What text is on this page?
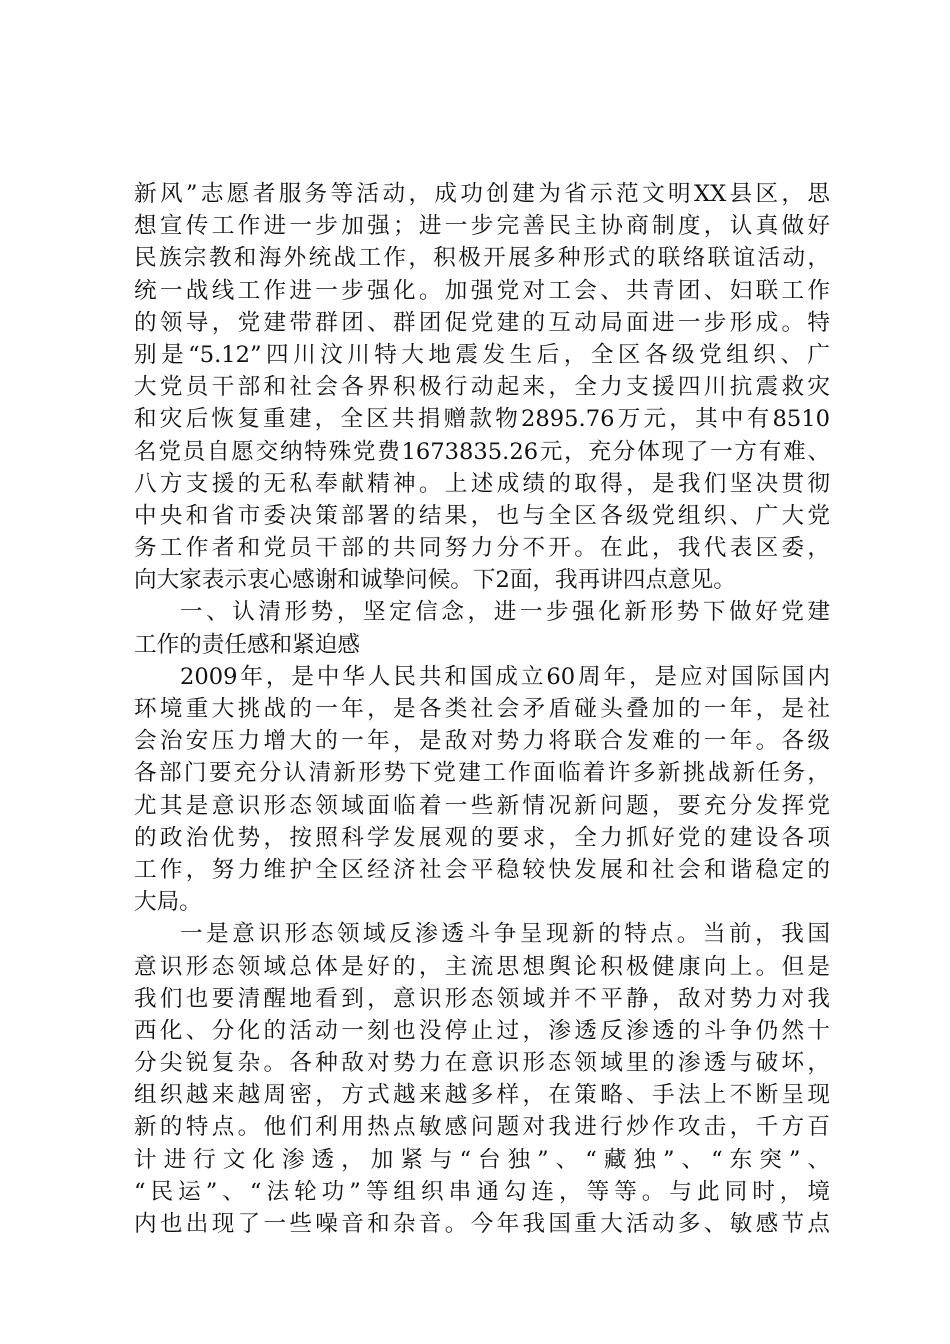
新风”志愿者服务等活动，成功创建为省示范文明XX县区，思
想宣传工作进一步加强；进一步完善民主协商制度，认真做好
民族宗教和海外统战工作，积极开展多种形式的联络联谊活动，
统一战线工作进一步强化。加强党对工会、共青团、妇联工作
的领导，党建带群团、群团促党建的互动局面进一步形成。特
别是“5.12”四川汶川特大地震发生后，全区各级党组织、广
大党员干部和社会各界积极行动起来，全力支援四川抗震救灾
和灾后恢复重建，全区共捐赠款物2895.76万元，其中有8510
名党员自愿交纳特殊党费1673835.26元，充分体现了一方有难、
八方支援的无私奉献精神。上述成绩的取得，是我们坚决贯彻
中央和省市委决策部署的结果，也与全区各级党组织、广大党
务工作者和党员干部的共同努力分不开。在此，我代表区委，
向大家表示衷心感谢和诚挚问候。下2面，我再讲四点意见。
一、认清形势，坚定信念，进一步强化新形势下做好党建
工作的责任感和紧迫感
2009年，是中华人民共和国成立60周年，是应对国际国内
环境重大挑战的一年，是各类社会矛盾碰头叠加的一年，是社
会治安压力增大的一年，是敌对势力将联合发难的一年。各级
各部门要充分认清新形势下党建工作面临着许多新挑战新任务，
尤其是意识形态领域面临着一些新情况新问题，要充分发挥党
的政治优势，按照科学发展观的要求，全力抓好党的建设各项
工作，努力维护全区经济社会平稳较快发展和社会和谐稳定的
大局。
一是意识形态领域反渗透斗争呈现新的特点。当前，我国
意识形态领域总体是好的，主流思想舆论积极健康向上。但是
我们也要清醒地看到，意识形态领域并不平静，敌对势力对我
西化、分化的活动一刻也没停止过，渗透反渗透的斗争仍然十
分尖锐复杂。各种敌对势力在意识形态领域里的渗透与破坏，
组织越来越周密，方式越来越多样，在策略、手法上不断呈现
新的特点。他们利用热点敏感问题对我进行炒作攻击，千方百
计进行文化渗透，加紧与“台独”、“藏独”、“东突”、
“民运”、“法轮功”等组织串通勾连，等等。与此同时，境
内也出现了一些噪音和杂音。今年我国重大活动多、敏感节点
